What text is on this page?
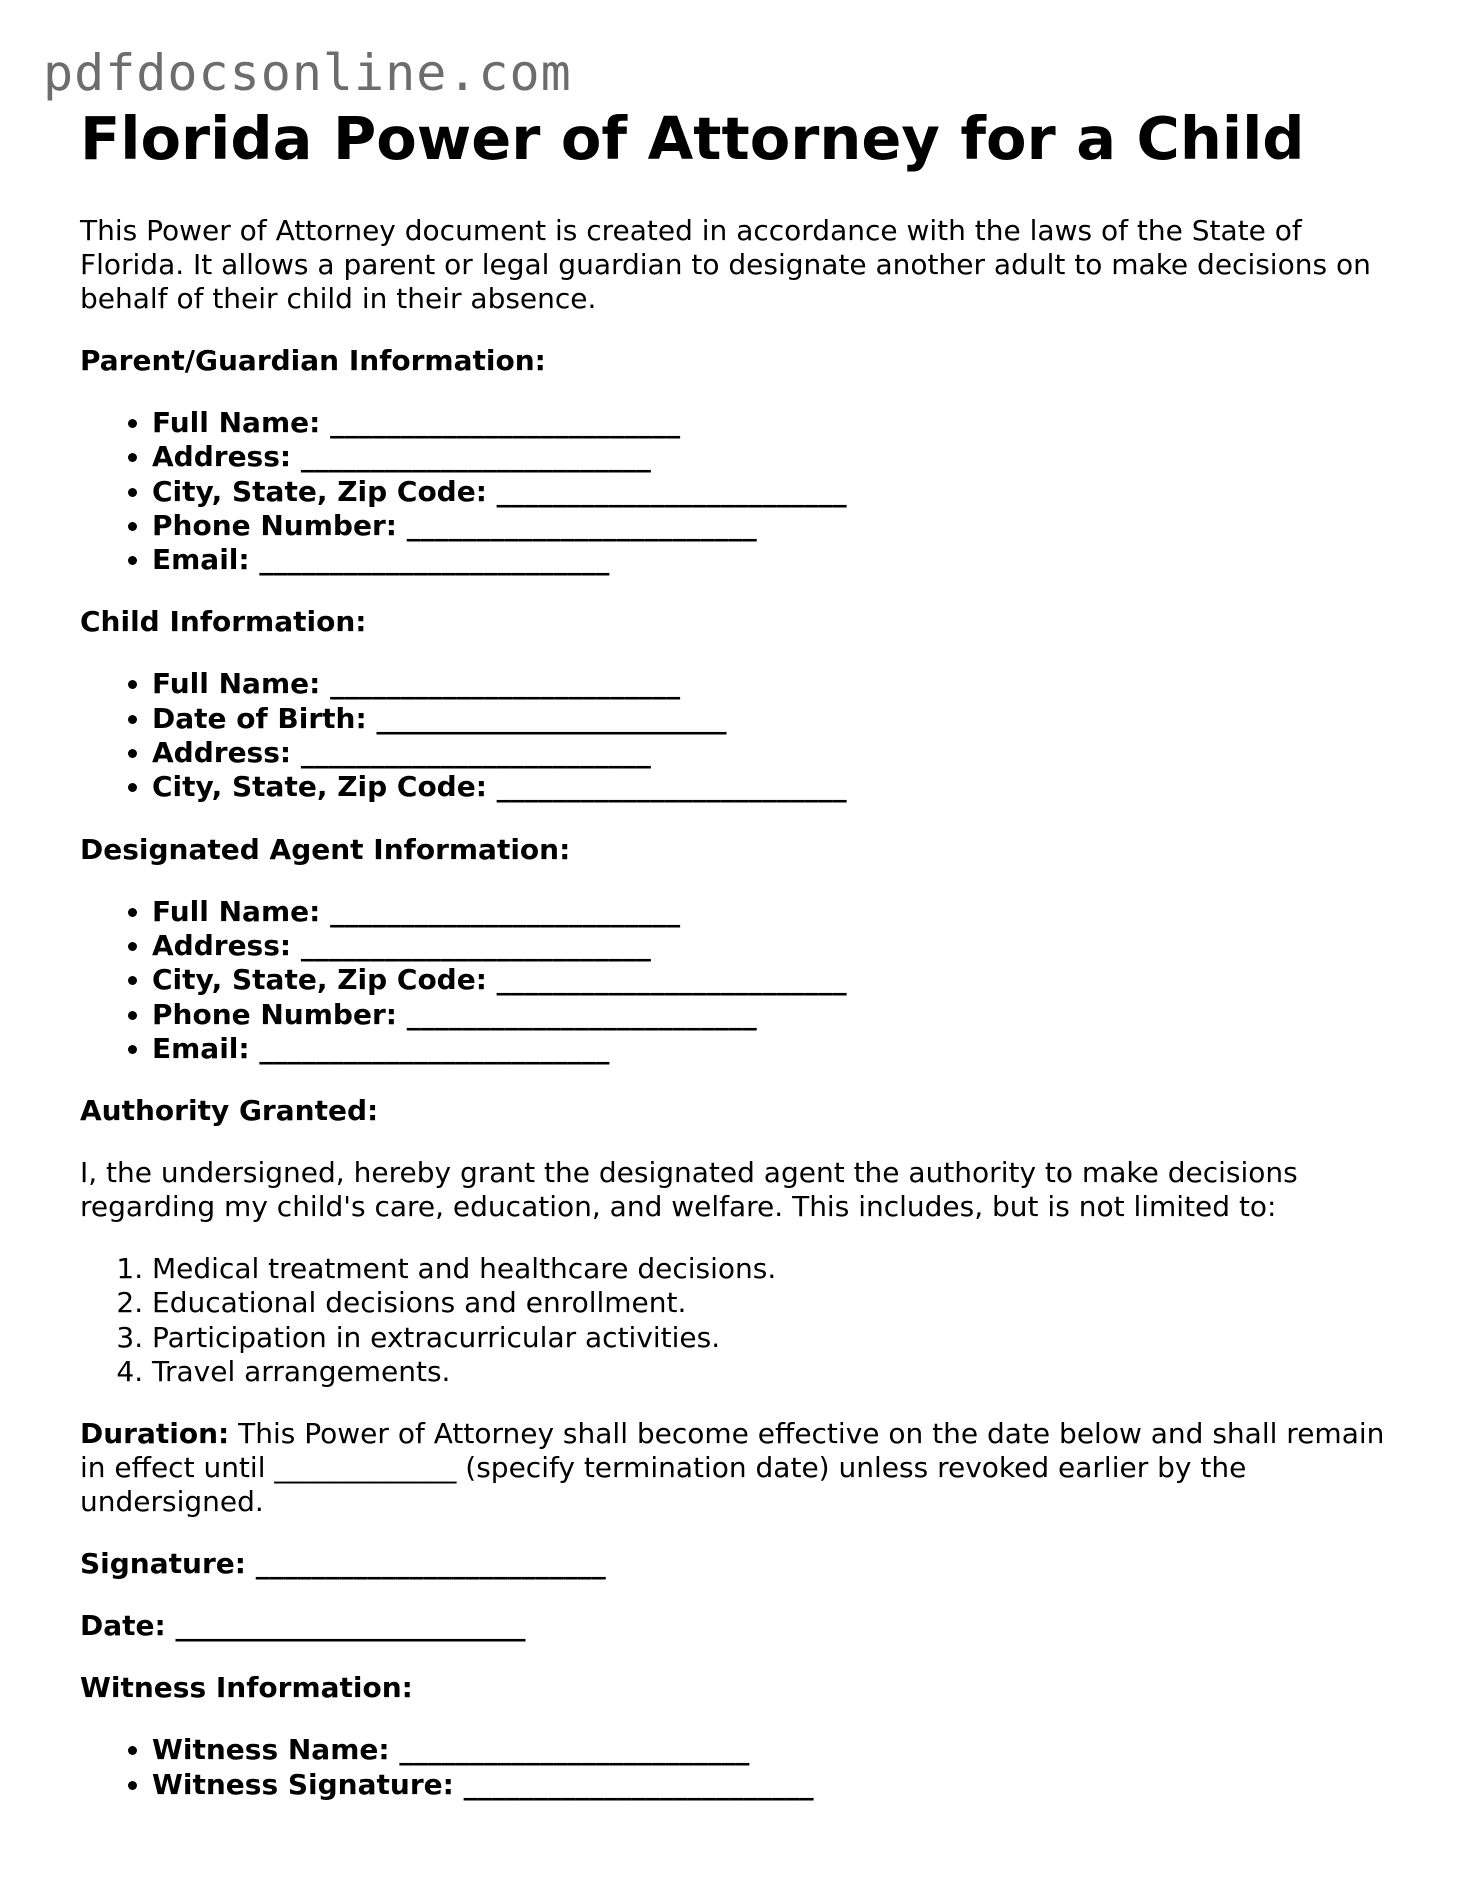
pdfdocsonline.com
Florida Power of Attorney for a Child

This Power of Attorney document is created in accordance with the laws of the State of Florida. It allows a parent or legal guardian to designate another adult to make decisions on behalf of their child in their absence.

Parent/Guardian Information:
• Full Name: _________________________
• Address: _________________________
• City, State, Zip Code: _________________________
• Phone Number: _________________________
• Email: _________________________
Child Information:
• Full Name: _________________________
• Date of Birth: _________________________
• Address: _________________________
• City, State, Zip Code: _________________________
Designated Agent Information:
• Full Name: _________________________
• Address: _________________________
• City, State, Zip Code: _________________________
• Phone Number: _________________________
• Email: _________________________
Authority Granted:

I, the undersigned, hereby grant the designated agent the authority to make decisions regarding my child's care, education, and welfare. This includes, but is not limited to:

1. Medical treatment and healthcare decisions.
2. Educational decisions and enrollment.
3. Participation in extracurricular activities.
4. Travel arrangements.

Duration: This Power of Attorney shall become effective on the date below and shall remain in effect until _____________ (specify termination date) unless revoked earlier by the undersigned.

Signature: _________________________

Date: _________________________

Witness Information:
• Witness Name: _________________________
• Witness Signature: _________________________
